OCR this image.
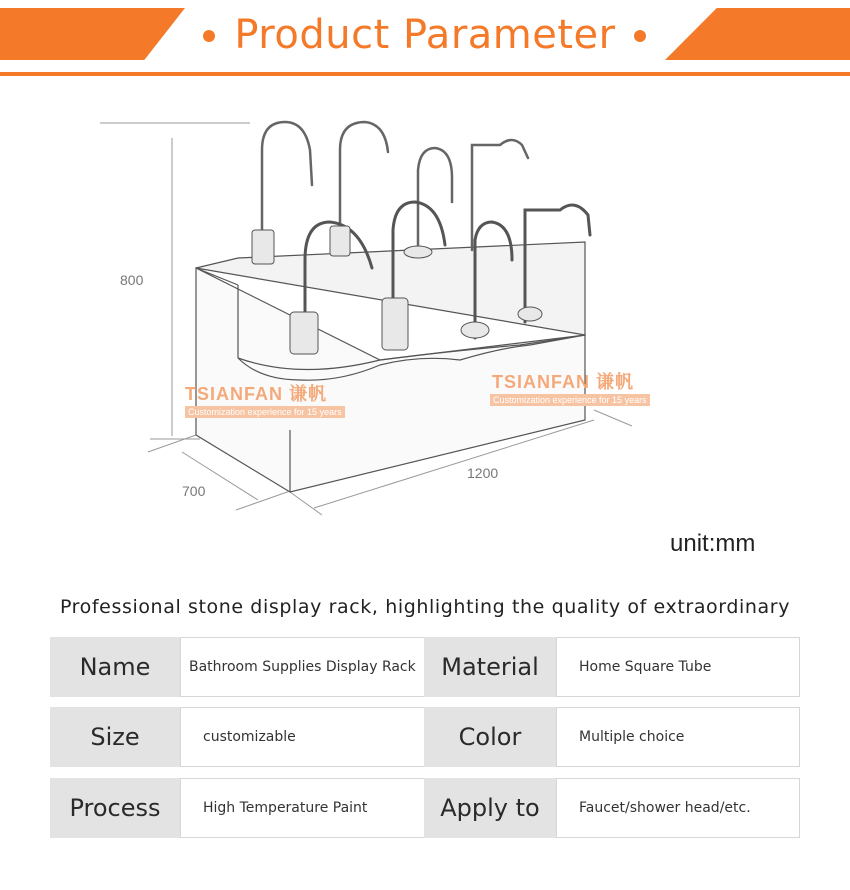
Product Parameter
800
700
1200
TSIANFAN 谦帆
Customization experience for 15 years
TSIANFAN 谦帆
Customization experience for 15 years
unit:mm
Professional stone display rack, highlighting the quality of extraordinary
Name	Bathroom Supplies Display Rack	Material	Home Square Tube
Size	customizable	Color	Multiple choice
Process	High Temperature Paint	Apply to	Faucet/shower head/etc.
